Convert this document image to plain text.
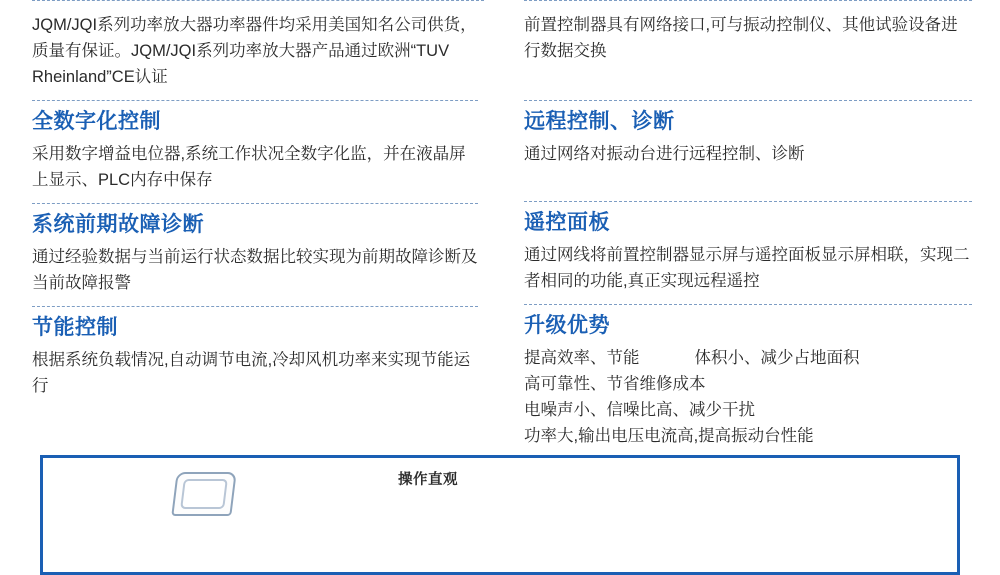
JQM/JQI系列功率放大器功率器件均采用美国知名公司供货，质量有保证。JQM/JQI系列功率放大器产品通过欧洲“TUV Rheinland”CE认证

全数字化控制

采用数字增益电位器,系统工作状况全数字化监，并在液晶屏上显示、PLC内存中保存

系统前期故障诊断

通过经验数据与当前运行状态数据比较实现为前期故障诊断及当前故障报警

节能控制

根据系统负载情况,自动调节电流,冷却风机功率来实现节能运行

前置控制器具有网络接口,可与振动控制仪、其他试验设备进行数据交换

远程控制、诊断

通过网络对振动台进行远程控制、诊断

遥控面板

通过网线将前置控制器显示屏与遥控面板显示屏相联，实现二者相同的功能,真正实现远程遥控

升级优势

提高效率、节能            体积小、减少占地面积

高可靠性、节省维修成本

电噪声小、信噪比高、减少干扰

功率大,输出电压电流高,提高振动台性能

操作直观
